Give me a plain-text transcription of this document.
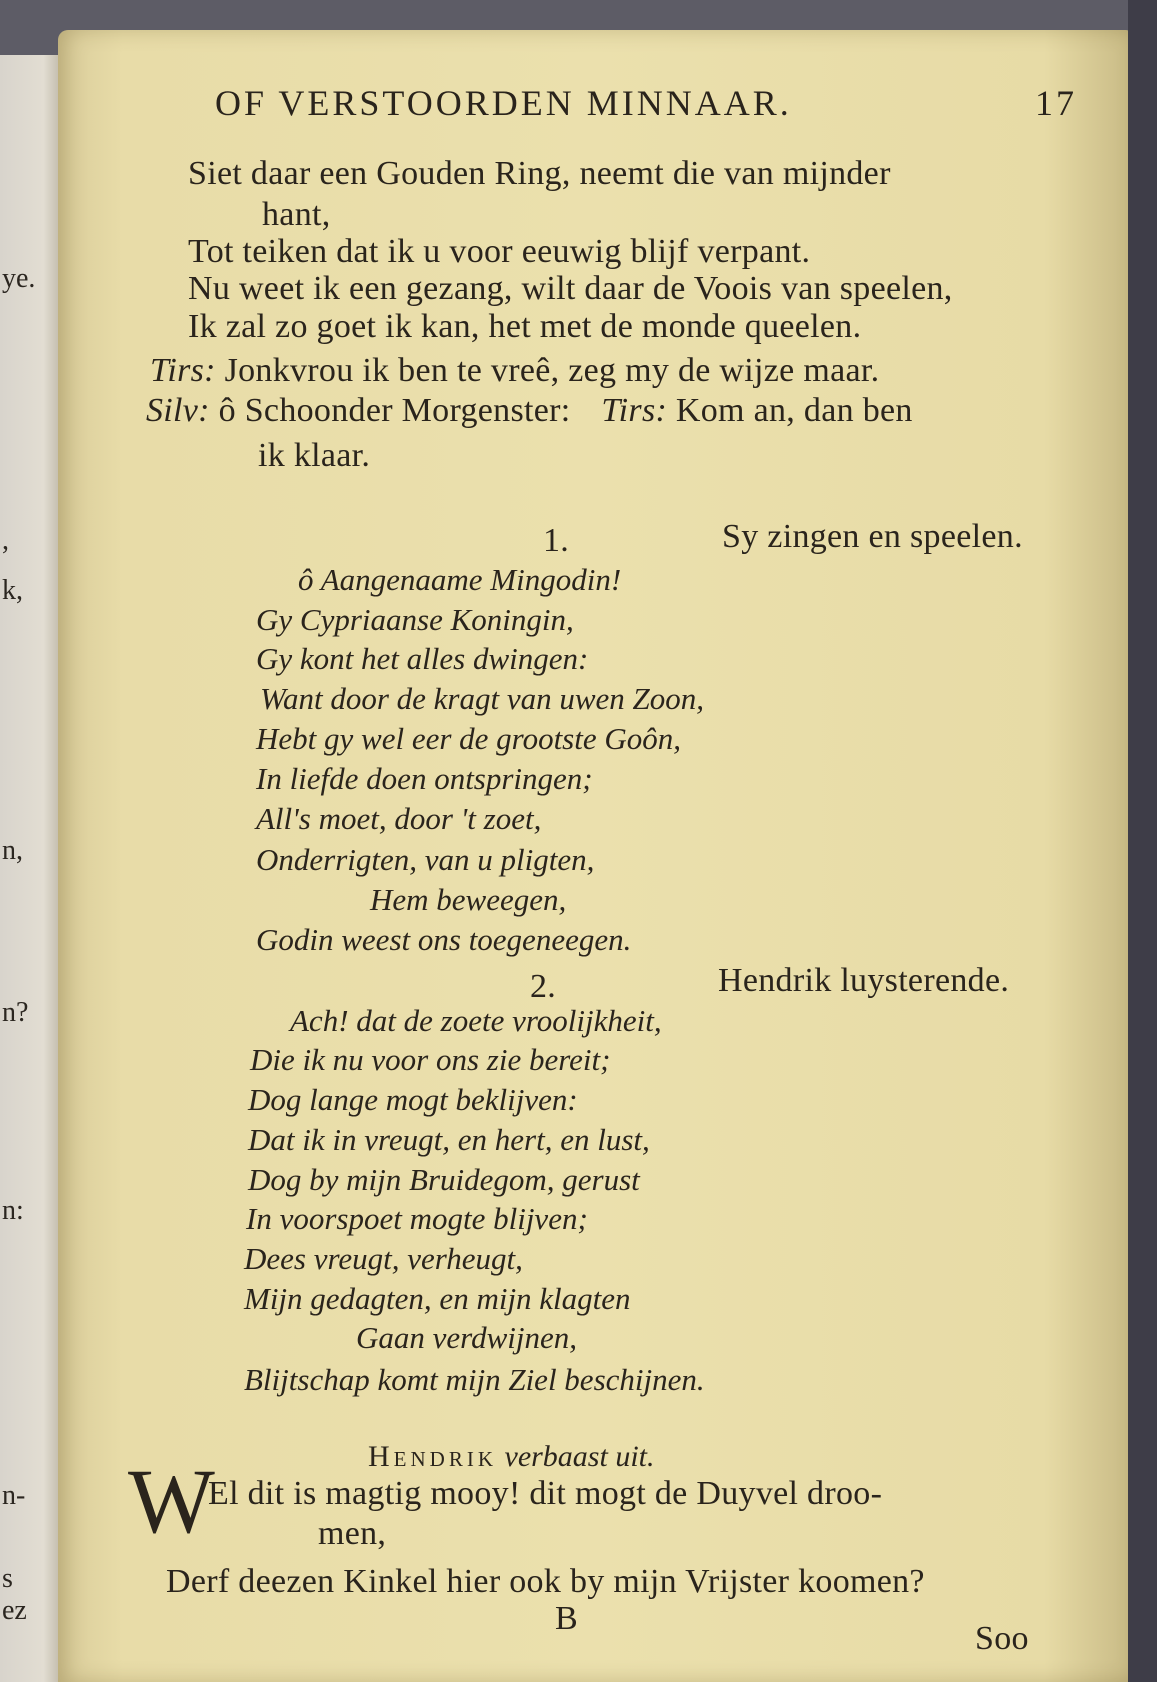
ye.
,
k,
n,
n?
n:
n-
s
ez
OF VERSTOORDEN MINNAAR.	17
Siet daar een Gouden Ring, neemt die van mijnder
hant,
Tot teiken dat ik u voor eeuwig blijf verpant.
Nu weet ik een gezang, wilt daar de Voois van speelen,
Ik zal zo goet ik kan, het met de monde queelen.
Tirs: Jonkvrou ik ben te vreê, zeg my de wijze maar.
Silv: ô Schoonder Morgenster: Tirs: Kom an, dan ben
ik klaar.
1.	Sy zingen en speelen.
ô Aangenaame Mingodin!
Gy Cypriaanse Koningin,
Gy kont het alles dwingen:
Want door de kragt van uwen Zoon,
Hebt gy wel eer de grootste Goôn,
In liefde doen ontspringen;
All's moet, door 't zoet,
Onderrigten, van u pligten,
Hem beweegen,
Godin weest ons toegeneegen.
2.	Hendrik luysterende.
Ach! dat de zoete vroolijkheit,
Die ik nu voor ons zie bereit;
Dog lange mogt beklijven:
Dat ik in vreugt, en hert, en lust,
Dog by mijn Bruidegom, gerust
In voorspoet mogte blijven;
Dees vreugt, verheugt,
Mijn gedagten, en mijn klagten
Gaan verdwijnen,
Blijtschap komt mijn Ziel beschijnen.
Hendrik verbaast uit.
W
El dit is magtig mooy! dit mogt de Duyvel droo-
men,
Derf deezen Kinkel hier ook by mijn Vrijster koomen?
B
Soo
